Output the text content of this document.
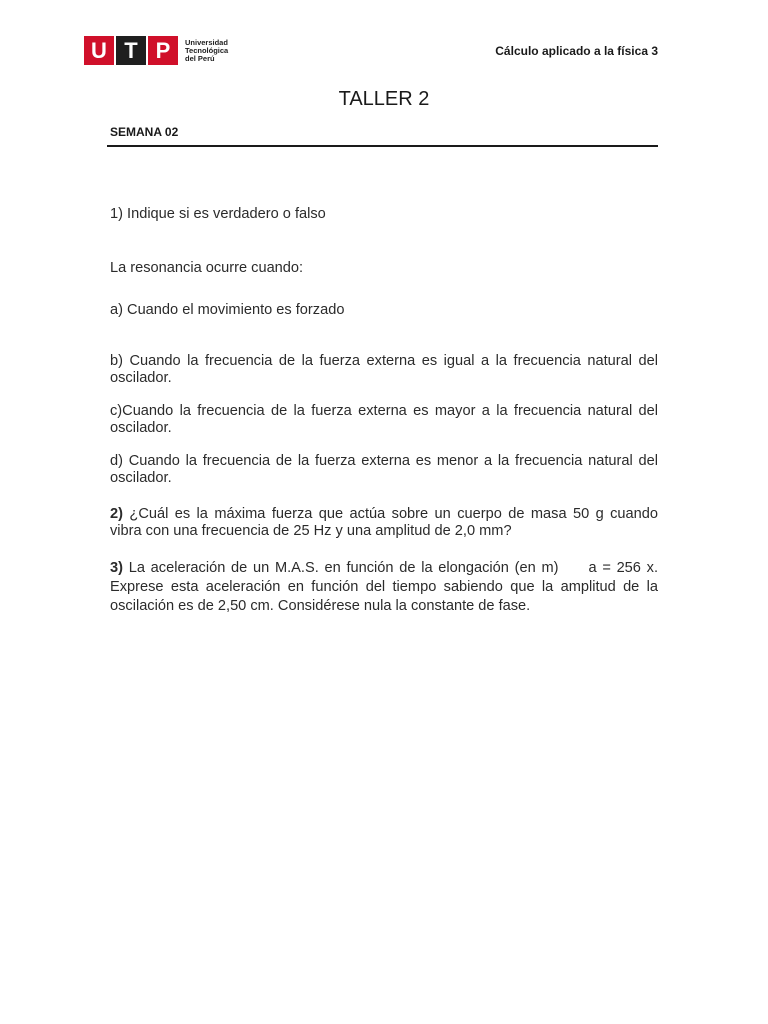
U T P	Universidad
Tecnológica
del Perú	Cálculo aplicado a la física 3
TALLER 2
SEMANA 02

1) Indique si es verdadero o falso

La resonancia ocurre cuando:

a) Cuando el movimiento es forzado

b) Cuando la frecuencia de la fuerza externa es igual a la frecuencia natural del oscilador.

c)Cuando la frecuencia de la fuerza externa es mayor a la frecuencia natural del oscilador.

d) Cuando la frecuencia de la fuerza externa es menor a la frecuencia natural del oscilador.

2) ¿Cuál es la máxima fuerza que actúa sobre un cuerpo de masa 50 g cuando vibra con una frecuencia de 25 Hz y una amplitud de 2,0 mm?

3) La aceleración de un M.A.S. en función de la elongación (en m) a = 256 x. Exprese esta aceleración en función del tiempo sabiendo que la amplitud de la oscilación es de 2,50 cm. Considérese nula la constante de fase.
